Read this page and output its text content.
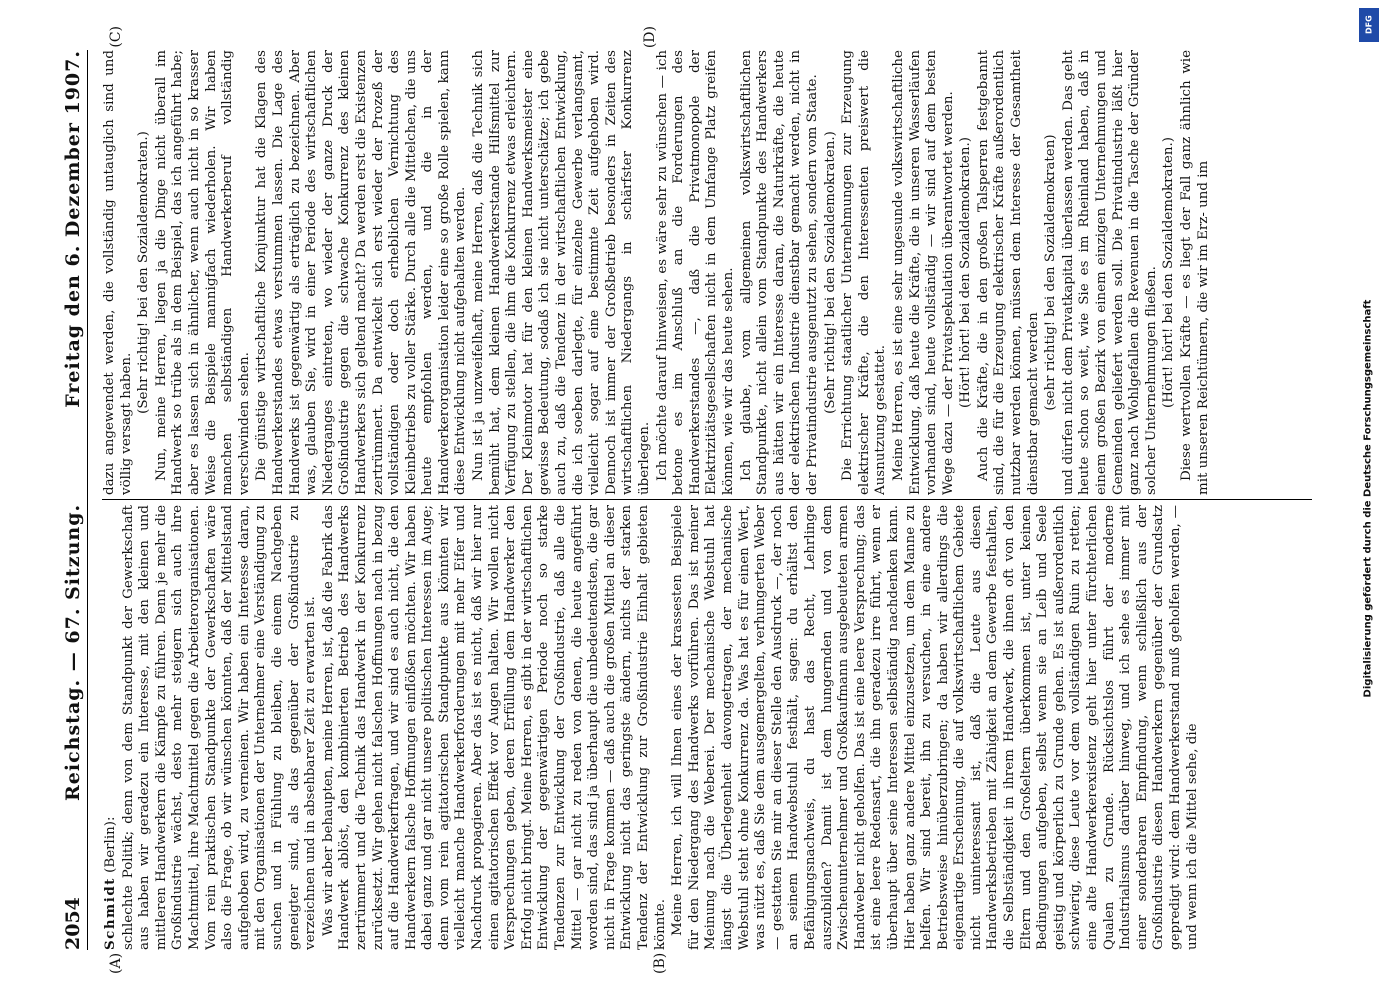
2054
Reichstag. — 67. Sitzung.
Freitag den 6. Dezember 1907.
(A)	(B)
(C)	(D)

Schmidt (Berlin): schlechte Politik; denn von dem Standpunkt der Gewerkschaft aus haben wir geradezu ein Interesse, mit den kleinen und mittleren Handwerkern die Kämpfe zu führen. Denn je mehr die Großindustrie wächst, desto mehr steigern sich auch ihre Machtmittel, ihre Machtmittel gegen die Arbeiterorganisationen. Vom rein praktischen Standpunkte der Gewerkschaften wäre also die Frage, ob wir wünschen könnten, daß der Mittelstand aufgehoben wird, zu verneinen. Wir haben ein Interesse daran, mit den Organisationen der Unternehmer eine Verständigung zu suchen und in Fühlung zu bleiben, die einem Nachgeben geneigter sind, als das gegenüber der Großindustrie zu verzeichnen und in absehbarer Zeit zu erwarten ist. Was wir aber behaupten, meine Herren, ist, daß die Fabrik das Handwerk ablöst, den kombinierten Betrieb des Handwerks zertrümmert und die Technik das Handwerk in der Konkurrenz zurücksetzt. Wir gehen nicht falschen Hoffnungen nach in bezug auf die Handwerkerfragen, und wir sind es auch nicht, die den Handwerkern falsche Hoffnungen einflößen möchten. Wir haben dabei ganz und gar nicht unsere politischen Interessen im Auge; denn vom rein agitatorischen Standpunkte aus könnten wir vielleicht manche Handwerkerforderungen mit mehr Eifer und Nachdruck propagieren. Aber das ist es nicht, daß wir hier nur einen agitatorischen Effekt vor Augen halten. Wir wollen nicht Versprechungen geben, deren Erfüllung dem Handwerker den Erfolg nicht bringt. Meine Herren, es gibt in der wirtschaftlichen Entwicklung der gegenwärtigen Periode noch so starke Tendenzen zur Entwicklung der Großindustrie, daß alle die Mittel — gar nicht zu reden von denen, die heute angeführt worden sind, das sind ja überhaupt die unbedeutendsten, die gar nicht in Frage kommen — daß auch die großen Mittel an dieser Entwicklung nicht das geringste ändern, nichts der starken Tendenz der Entwicklung zur Großindustrie Einhalt gebieten könnte. Meine Herren, ich will Ihnen eines der krassesten Beispiele für den Niedergang des Handwerks vorführen. Das ist meiner Meinung nach die Weberei. Der mechanische Webstuhl hat längst die Überlegenheit davongetragen, der mechanische Webstuhl steht ohne Konkurrenz da. Was hat es für einen Wert, was nützt es, daß Sie dem ausgemergelten, verhungerten Weber — gestatten Sie mir an dieser Stelle den Ausdruck —, der noch an seinem Handwebstuhl festhält, sagen: du erhältst den Befähigungsnachweis, du hast das Recht, Lehrlinge auszubilden? Damit ist dem hungernden und von dem Zwischenunternehmer und Großkaufmann ausgebeuteten armen Handweber nicht geholfen. Das ist eine leere Versprechung; das ist eine leere Redensart, die ihn geradezu irre führt, wenn er überhaupt über seine Interessen selbständig nachdenken kann. Hier haben ganz andere Mittel einzusetzen, um dem Manne zu helfen. Wir sind bereit, ihn zu versuchen, in eine andere Betriebsweise hinüberzubringen; da haben wir allerdings die eigenartige Erscheinung, die auf volkswirtschaftlichem Gebiete nicht uninteressant ist, daß die Leute aus diesen Handwerksbetrieben mit Zähigkeit an dem Gewerbe festhalten, die Selbständigkeit in ihrem Handwerk, die ihnen oft von den Eltern und den Großeltern überkommen ist, unter keinen Bedingungen aufgeben, selbst wenn sie an Leib und Seele geistig und körperlich zu Grunde gehen. Es ist außerordentlich schwierig, diese Leute vor dem vollständigen Ruin zu retten; eine alte Handwerkerexistenz geht hier unter fürchterlichen Qualen zu Grunde. Rücksichtslos führt der moderne Industrialismus darüber hinweg, und ich sehe es immer mit einer sonderbaren Empfindung, wenn schließlich aus der Großindustrie diesen Handwerkern gegenüber der Grundsatz gepredigt wird: dem Handwerkerstand muß geholfen werden, — und wenn ich die Mittel sehe, die

dazu angewendet werden, die vollständig untauglich sind und völlig versagt haben.

(Sehr richtig! bei den Sozialdemokraten.) Nun, meine Herren, liegen ja die Dinge nicht überall im Handwerk so trübe als in dem Beispiel, das ich angeführt habe; aber es lassen sich in ähnlicher, wenn auch nicht in so krasser Weise die Beispiele mannigfach wiederholen. Wir haben manchen selbständigen Handwerkerberuf vollständig verschwinden sehen. Die günstige wirtschaftliche Konjunktur hat die Klagen des Handwerkerstandes etwas verstummen lassen. Die Lage des Handwerks ist gegenwärtig als erträglich zu bezeichnen. Aber was, glauben Sie, wird in einer Periode des wirtschaftlichen Niederganges eintreten, wo wieder der ganze Druck der Großindustrie gegen die schwache Konkurrenz des kleinen Handwerkers sich geltend macht? Da werden erst die Existenzen zertrümmert. Da entwickelt sich erst wieder der Prozeß der vollständigen oder doch erheblichen Vernichtung des Kleinbetriebs zu voller Stärke. Durch alle die Mittelchen, die uns heute empfohlen werden, und die in der Handwerkerorganisation leider eine so große Rolle spielen, kann diese Entwicklung nicht aufgehalten werden. Nun ist ja unzweifelhaft, meine Herren, daß die Technik sich bemüht hat, dem kleinen Handwerkerstande Hilfsmittel zur Verfügung zu stellen, die ihm die Konkurrenz etwas erleichtern. Der Kleinmotor hat für den kleinen Handwerksmeister eine gewisse Bedeutung, sodaß ich sie nicht unterschätze; ich gebe auch zu, daß die Tendenz in der wirtschaftlichen Entwicklung, die ich soeben darlegte, für einzelne Gewerbe verlangsamt, vielleicht sogar auf eine bestimmte Zeit aufgehoben wird. Dennoch ist immer der Großbetrieb besonders in Zeiten des wirtschaftlichen Niedergangs in schärfster Konkurrenz überlegen. Ich möchte darauf hinweisen, es wäre sehr zu wünschen — ich betone es im Anschluß an die Forderungen des Handwerkerstandes —, daß die Privatmonopole der Elektrizitätsgesellschaften nicht in dem Umfange Platz greifen können, wie wir das heute sehen. Ich glaube, vom allgemeinen volkswirtschaftlichen Standpunkte, nicht allein vom Standpunkte des Handwerkers aus hätten wir ein Interesse daran, die Naturkräfte, die heute der elektrischen Industrie dienstbar gemacht werden, nicht in der Privatindustrie ausgenutzt zu sehen, sondern vom Staate. (Sehr richtig! bei den Sozialdemokraten.) Die Errichtung staatlicher Unternehmungen zur Erzeugung elektrischer Kräfte, die den Interessenten preiswert die Ausnutzung gestattet. Meine Herren, es ist eine sehr ungesunde volkswirtschaftliche Entwicklung, daß heute die Kräfte, die in unseren Wasserläufen vorhanden sind, heute vollständig — wir sind auf dem besten Wege dazu — der Privatspekulation überantwortet werden. (Hört! hört! bei den Sozialdemokraten.) Auch die Kräfte, die in den großen Talsperren festgebannt sind, die für die Erzeugung elektrischer Kräfte außerordentlich nutzbar werden können, müssen dem Interesse der Gesamtheit dienstbar gemacht werden (sehr richtig! bei den Sozialdemokraten) und dürfen nicht dem Privatkapital überlassen werden. Das geht heute schon so weit, wie Sie es im Rheinland haben, daß in einem großen Bezirk von einem einzigen Unternehmungen und Gemeinden geliefert werden soll. Die Privatindustrie läßt hier ganz nach Wohlgefallen die Revenuen in die Tasche der Gründer solcher Unternehmungen fließen. (Hört! hört! bei den Sozialdemokraten.) Diese wertvollen Kräfte — es liegt der Fall ganz ähnlich wie mit unseren Reichtümern, die wir im Erz- und im

DFG
Digitalisierung gefördert durch die Deutsche Forschungsgemeinschaft
